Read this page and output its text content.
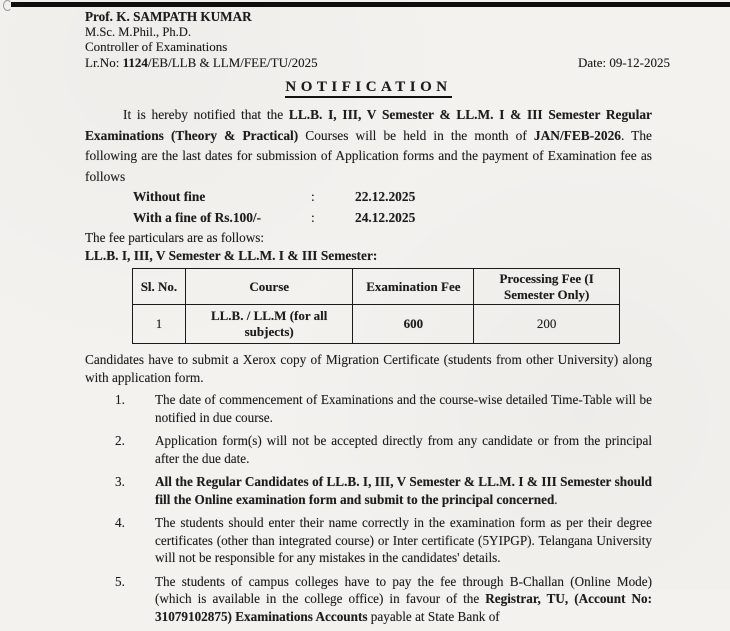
Prof. K. SAMPATH KUMAR
M.Sc. M.Phil., Ph.D.
Controller of Examinations
Lr.No: 1124/EB/LLB & LLM/FEE/TU/2025	Date: 09-12-2025
NOTIFICATION

It is hereby notified that the LL.B. I, III, V Semester & LL.M. I & III Semester Regular Examinations (Theory & Practical) Courses will be held in the month of JAN/FEB-2026. The following are the last dates for submission of Application forms and the payment of Examination fee as follows

Without fine	:	22.12.2025
With a fine of Rs.100/-	:	24.12.2025
The fee particulars are as follows:
LL.B. I, III, V Semester & LL.M. I & III Semester:
Sl. No.	Course	Examination Fee	Processing Fee (I Semester Only)
1	LL.B. / LL.M (for all subjects)	600	200

Candidates have to submit a Xerox copy of Migration Certificate (students from other University) along with application form.

1.	The date of commencement of Examinations and the course-wise detailed Time-Table will be notified in due course.
2.	Application form(s) will not be accepted directly from any candidate or from the principal after the due date.
3.	All the Regular Candidates of LL.B. I, III, V Semester & LL.M. I & III Semester should fill the Online examination form and submit to the principal concerned.
4.	The students should enter their name correctly in the examination form as per their degree certificates (other than integrated course) or Inter certificate (5YIPGP). Telangana University will not be responsible for any mistakes in the candidates' details.
5.	The students of campus colleges have to pay the fee through B-Challan (Online Mode) (which is available in the college office) in favour of the Registrar, TU, (Account No: 31079102875) Examinations Accounts payable at State Bank of
